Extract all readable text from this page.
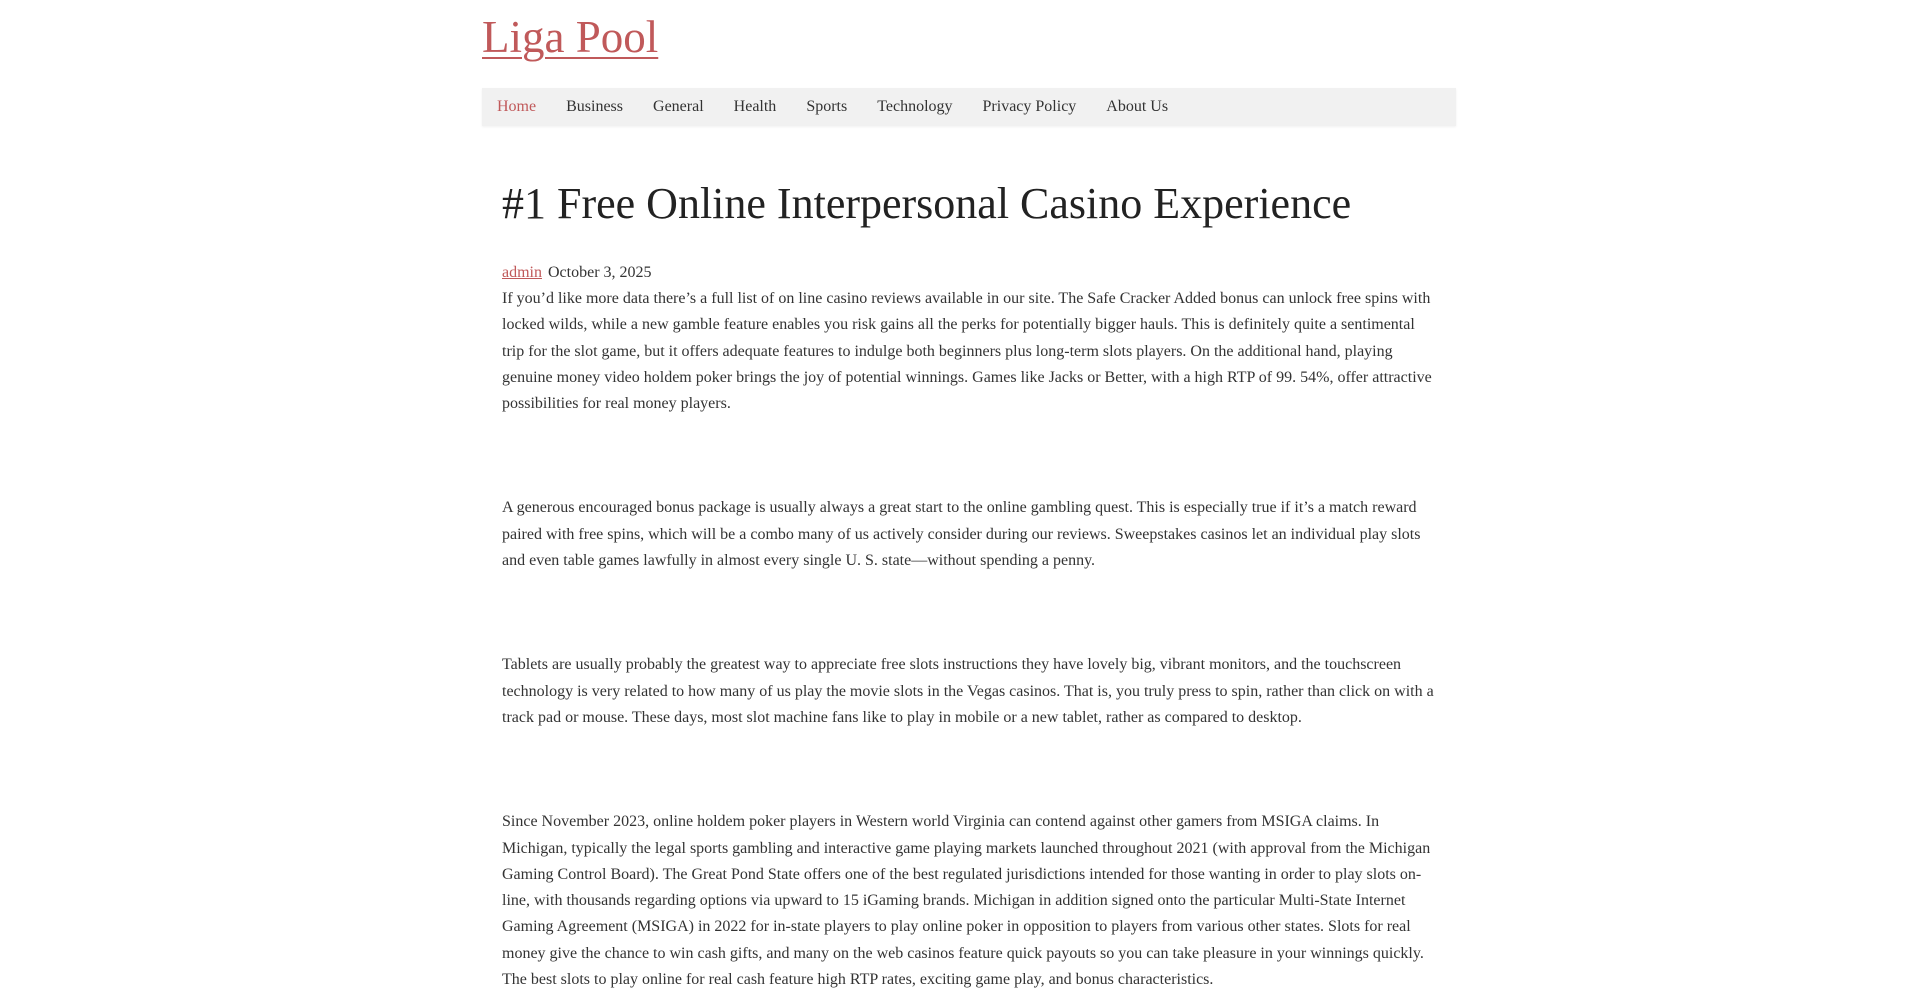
Liga Pool
Home Business General Health Sports Technology Privacy Policy About Us
#1 Free Online Interpersonal Casino Experience
admin October 3, 2025

If you’d like more data there’s a full list of on line casino reviews available in our site. The Safe Cracker Added bonus can unlock free spins with locked wilds, while a new gamble feature enables you risk gains all the perks for potentially bigger hauls. This is definitely quite a sentimental trip for the slot game, but it offers adequate features to indulge both beginners plus long-term slots players. On the additional hand, playing genuine money video holdem poker brings the joy of potential winnings. Games like Jacks or Better, with a high RTP of 99. 54%, offer attractive possibilities for real money players.

A generous encouraged bonus package is usually always a great start to the online gambling quest. This is especially true if it’s a match reward paired with free spins, which will be a combo many of us actively consider during our reviews. Sweepstakes casinos let an individual play slots and even table games lawfully in almost every single U. S. state—without spending a penny.

Tablets are usually probably the greatest way to appreciate free slots instructions they have lovely big, vibrant monitors, and the touchscreen technology is very related to how many of us play the movie slots in the Vegas casinos. That is, you truly press to spin, rather than click on with a track pad or mouse. These days, most slot machine fans like to play in mobile or a new tablet, rather as compared to desktop.

Since November 2023, online holdem poker players in Western world Virginia can contend against other gamers from MSIGA claims. In Michigan, typically the legal sports gambling and interactive game playing markets launched throughout 2021 (with approval from the Michigan Gaming Control Board). The Great Pond State offers one of the best regulated jurisdictions intended for those wanting in order to play slots on-line, with thousands regarding options via upward to 15 iGaming brands. Michigan in addition signed onto the particular Multi-State Internet Gaming Agreement (MSIGA) in 2022 for in-state players to play online poker in opposition to players from various other states. Slots for real money give the chance to win cash gifts, and many on the web casinos feature quick payouts so you can take pleasure in your winnings quickly. The best slots to play online for real cash feature high RTP rates, exciting game play, and bonus characteristics.
